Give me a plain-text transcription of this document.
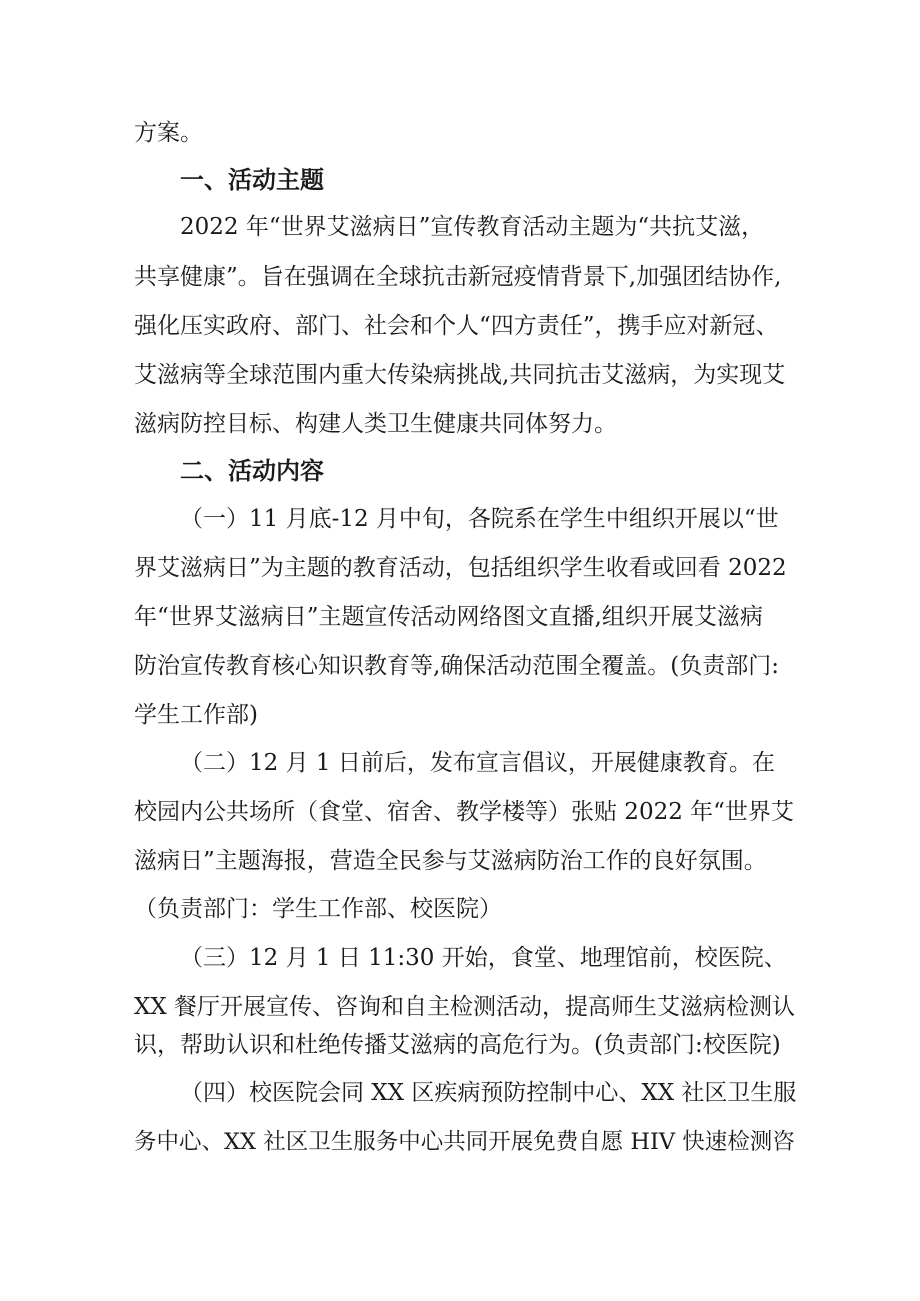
方案。
一、活动主题
2022 年“世界艾滋病日”宣传教育活动主题为“共抗艾滋，
共享健康”。旨在强调在全球抗击新冠疫情背景下,加强团结协作,
强化压实政府、部门、社会和个人“四方责任”，携手应对新冠、
艾滋病等全球范围内重大传染病挑战,共同抗击艾滋病，为实现艾
滋病防控目标、构建人类卫生健康共同体努力。
二、活动内容
（一）11 月底-12 月中旬，各院系在学生中组织开展以“世
界艾滋病日”为主题的教育活动，包括组织学生收看或回看 2022
年“世界艾滋病日”主题宣传活动网络图文直播,组织开展艾滋病
防治宣传教育核心知识教育等,确保活动范围全覆盖。(负责部门:
学生工作部)
（二）12 月 1 日前后，发布宣言倡议，开展健康教育。在
校园内公共场所（食堂、宿舍、教学楼等）张贴 2022 年“世界艾
滋病日”主题海报，营造全民参与艾滋病防治工作的良好氛围。
（负责部门：学生工作部、校医院）
（三）12 月 1 日 11:30 开始，食堂、地理馆前，校医院、
XX 餐厅开展宣传、咨询和自主检测活动，提高师生艾滋病检测认
识，帮助认识和杜绝传播艾滋病的高危行为。(负责部门:校医院)
（四）校医院会同 XX 区疾病预防控制中心、XX 社区卫生服
务中心、XX 社区卫生服务中心共同开展免费自愿 HIV 快速检测咨
